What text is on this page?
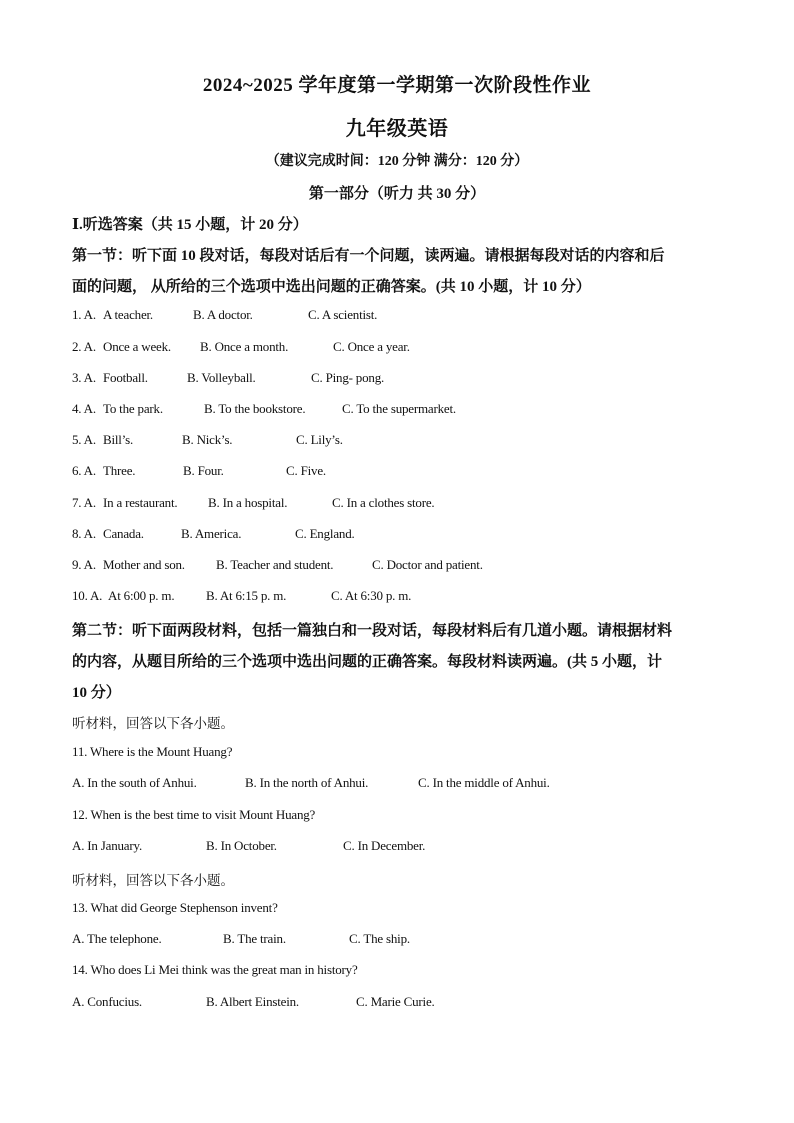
2024~2025 学年度第一学期第一次阶段性作业
九年级英语
（建议完成时间：120 分钟 满分：120 分）
第一部分（听力 共 30 分）
Ⅰ.听选答案（共 15 小题，计 20 分）
第一节：听下面 10 段对话，每段对话后有一个问题，读两遍。请根据每段对话的内容和后
面的问题， 从所给的三个选项中选出问题的正确答案。(共 10 小题，计 10 分）
1. A. A teacher.	B. A doctor.	C. A scientist.
2. A. Once a week. B. Once a month.	C. Once a year.
3. A. Football.	B. Volleyball.	C. Ping- pong.
4. A. To the park.	B. To the bookstore.	C. To the supermarket.
5. A. Bill’s.	B. Nick’s.	C. Lily’s.
6. A. Three.	B. Four.	C. Five.
7. A. In a restaurant. B. In a hospital.	C. In a clothes store.
8. A. Canada.	B. America.	C. England.
9. A. Mother and son. B. Teacher and student.	C. Doctor and patient.
10. A. At 6:00 p. m. B. At 6:15 p. m.	C. At 6:30 p. m.
第二节：听下面两段材料，包括一篇独白和一段对话，每段材料后有几道小题。请根据材料
的内容，从题目所给的三个选项中选出问题的正确答案。每段材料读两遍。(共 5 小题，计
10 分）
听材料，回答以下各小题。
11. Where is the Mount Huang?
A. In the south of Anhui.	B. In the north of Anhui.	C. In the middle of Anhui.
12. When is the best time to visit Mount Huang?
A. In January.	B. In October.	C. In December.
听材料，回答以下各小题。
13. What did George Stephenson invent?
A. The telephone.	B. The train.	C. The ship.
14. Who does Li Mei think was the great man in history?
A. Confucius.	B. Albert Einstein.	C. Marie Curie.
